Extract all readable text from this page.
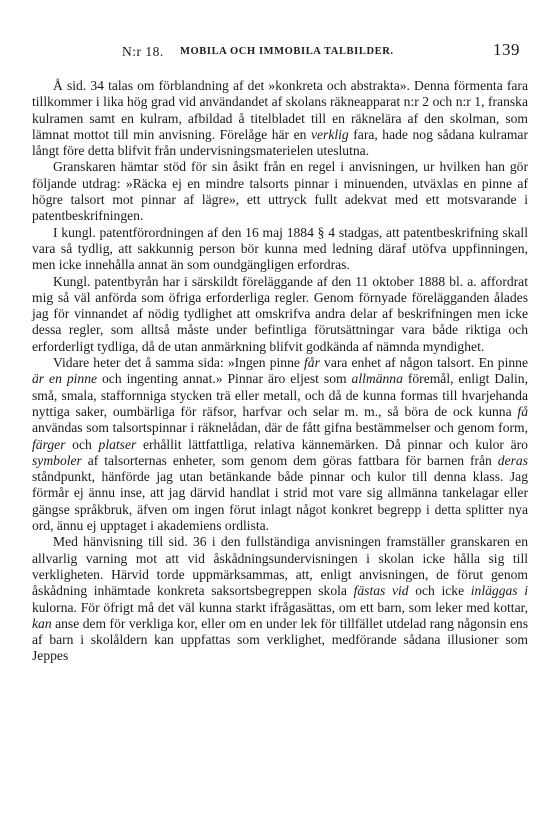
N:r 18. MOBILA OCH IMMOBILA TALBILDER.	139

Å sid. 34 talas om förblandning af det »konkreta och abstrakta». Denna förmenta fara tillkommer i lika hög grad vid användandet af skolans räkneapparat n:r 2 och n:r 1, franska kulramen samt en kulram, afbildad å titelbladet till en räknelära af den skolman, som lämnat mottot till min anvisning. Förelåge här en verklig fara, hade nog sådana kulramar långt före detta blifvit från undervisningsmaterielen uteslutna.

Granskaren hämtar stöd för sin åsikt från en regel i anvisningen, ur hvilken han gör följande utdrag: »Räcka ej en mindre talsorts pinnar i minuenden, utväxlas en pinne af högre talsort mot pinnar af lägre», ett uttryck fullt adekvat med ett motsvarande i patentbeskrifningen.

I kungl. patentförordningen af den 16 maj 1884 § 4 stadgas, att patentbeskrifning skall vara så tydlig, att sakkunnig person bör kunna med ledning däraf utöfva uppfinningen, men icke innehålla annat än som oundgängligen erfordras.

Kungl. patentbyrån har i särskildt föreläggande af den 11 oktober 1888 bl. a. affordrat mig så väl anförda som öfriga erforderliga regler. Genom förnyade förelägganden ålades jag för vinnandet af nödig tydlighet att omskrifva andra delar af beskrifningen men icke dessa regler, som alltså måste under befintliga förutsättningar vara både riktiga och erforderligt tydliga, då de utan anmärkning blifvit godkända af nämnda myndighet.

Vidare heter det å samma sida: »Ingen pinne får vara enhet af någon talsort. En pinne är en pinne och ingenting annat.» Pinnar äro eljest som allmänna föremål, enligt Dalin, små, smala, staffornniga stycken trä eller metall, och då de kunna formas till hvarjehanda nyttiga saker, oumbärliga för räfsor, harfvar och selar m. m., så böra de ock kunna få användas som talsortspinnar i räknelådan, där de fått gifna bestämmelser och genom form, färger och platser erhållit lättfattliga, relativa kännemärken. Då pinnar och kulor äro symboler af talsorternas enheter, som genom dem göras fattbara för barnen från deras ståndpunkt, hänförde jag utan betänkande både pinnar och kulor till denna klass. Jag förmår ej ännu inse, att jag därvid handlat i strid mot vare sig allmänna tankelagar eller gängse språkbruk, äfven om ingen förut inlagt något konkret begrepp i detta splitter nya ord, ännu ej upptaget i akademiens ordlista.

Med hänvisning till sid. 36 i den fullständiga anvisningen framställer granskaren en allvarlig varning mot att vid åskådningsundervisningen i skolan icke hålla sig till verkligheten. Härvid torde uppmärksammas, att, enligt anvisningen, de förut genom åskådning inhämtade konkreta saksortsbegreppen skola fästas vid och icke inläggas i kulorna. För öfrigt må det väl kunna starkt ifrågasättas, om ett barn, som leker med kottar, kan anse dem för verkliga kor, eller om en under lek för tillfället utdelad rang någonsin ens af barn i skolåldern kan uppfattas som verklighet, medförande sådana illusioner som Jeppes
